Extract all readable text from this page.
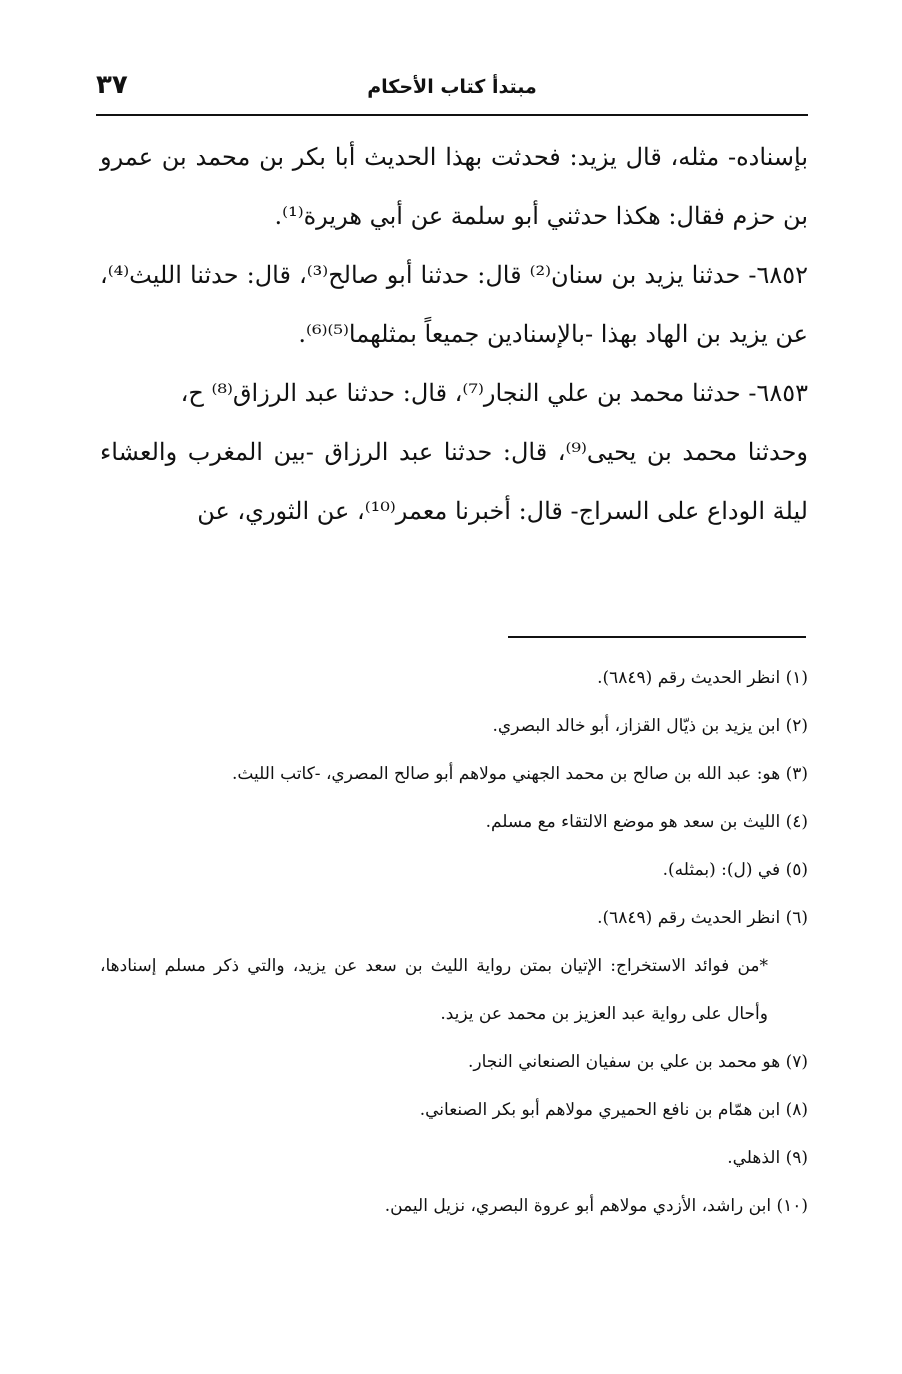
مبتدأ كتاب الأحكام
٣٧

بإسناده- مثله، قال يزيد: فحدثت بهذا الحديث أبا بكر بن محمد بن عمرو بن حزم فقال: هكذا حدثني أبو سلمة عن أبي هريرة⁽¹⁾.

٦٨٥٢- حدثنا يزيد بن سنان⁽²⁾ قال: حدثنا أبو صالح⁽³⁾، قال: حدثنا الليث⁽⁴⁾، عن يزيد بن الهاد بهذا -بالإسنادين جميعاً بمثلهما⁽⁵⁾⁽⁶⁾.

٦٨٥٣- حدثنا محمد بن علي النجار⁽⁷⁾، قال: حدثنا عبد الرزاق⁽⁸⁾ ح،

وحدثنا محمد بن يحيى⁽⁹⁾، قال: حدثنا عبد الرزاق -بين المغرب والعشاء ليلة الوداع على السراج- قال: أخبرنا معمر⁽¹⁰⁾، عن الثوري، عن

(١) انظر الحديث رقم (٦٨٤٩).

(٢) ابن يزيد بن ذيّال القزاز، أبو خالد البصري.

(٣) هو: عبد الله بن صالح بن محمد الجهني مولاهم أبو صالح المصري، -كاتب الليث.

(٤) الليث بن سعد هو موضع الالتقاء مع مسلم.

(٥) في (ل): (بمثله).

(٦) انظر الحديث رقم (٦٨٤٩).

*من فوائد الاستخراج: الإتيان بمتن رواية الليث بن سعد عن يزيد، والتي ذكر مسلم إسنادها، وأحال على رواية عبد العزيز بن محمد عن يزيد.

(٧) هو محمد بن علي بن سفيان الصنعاني النجار.

(٨) ابن همّام بن نافع الحميري مولاهم أبو بكر الصنعاني.

(٩) الذهلي.

(١٠) ابن راشد، الأزدي مولاهم أبو عروة البصري، نزيل اليمن.
